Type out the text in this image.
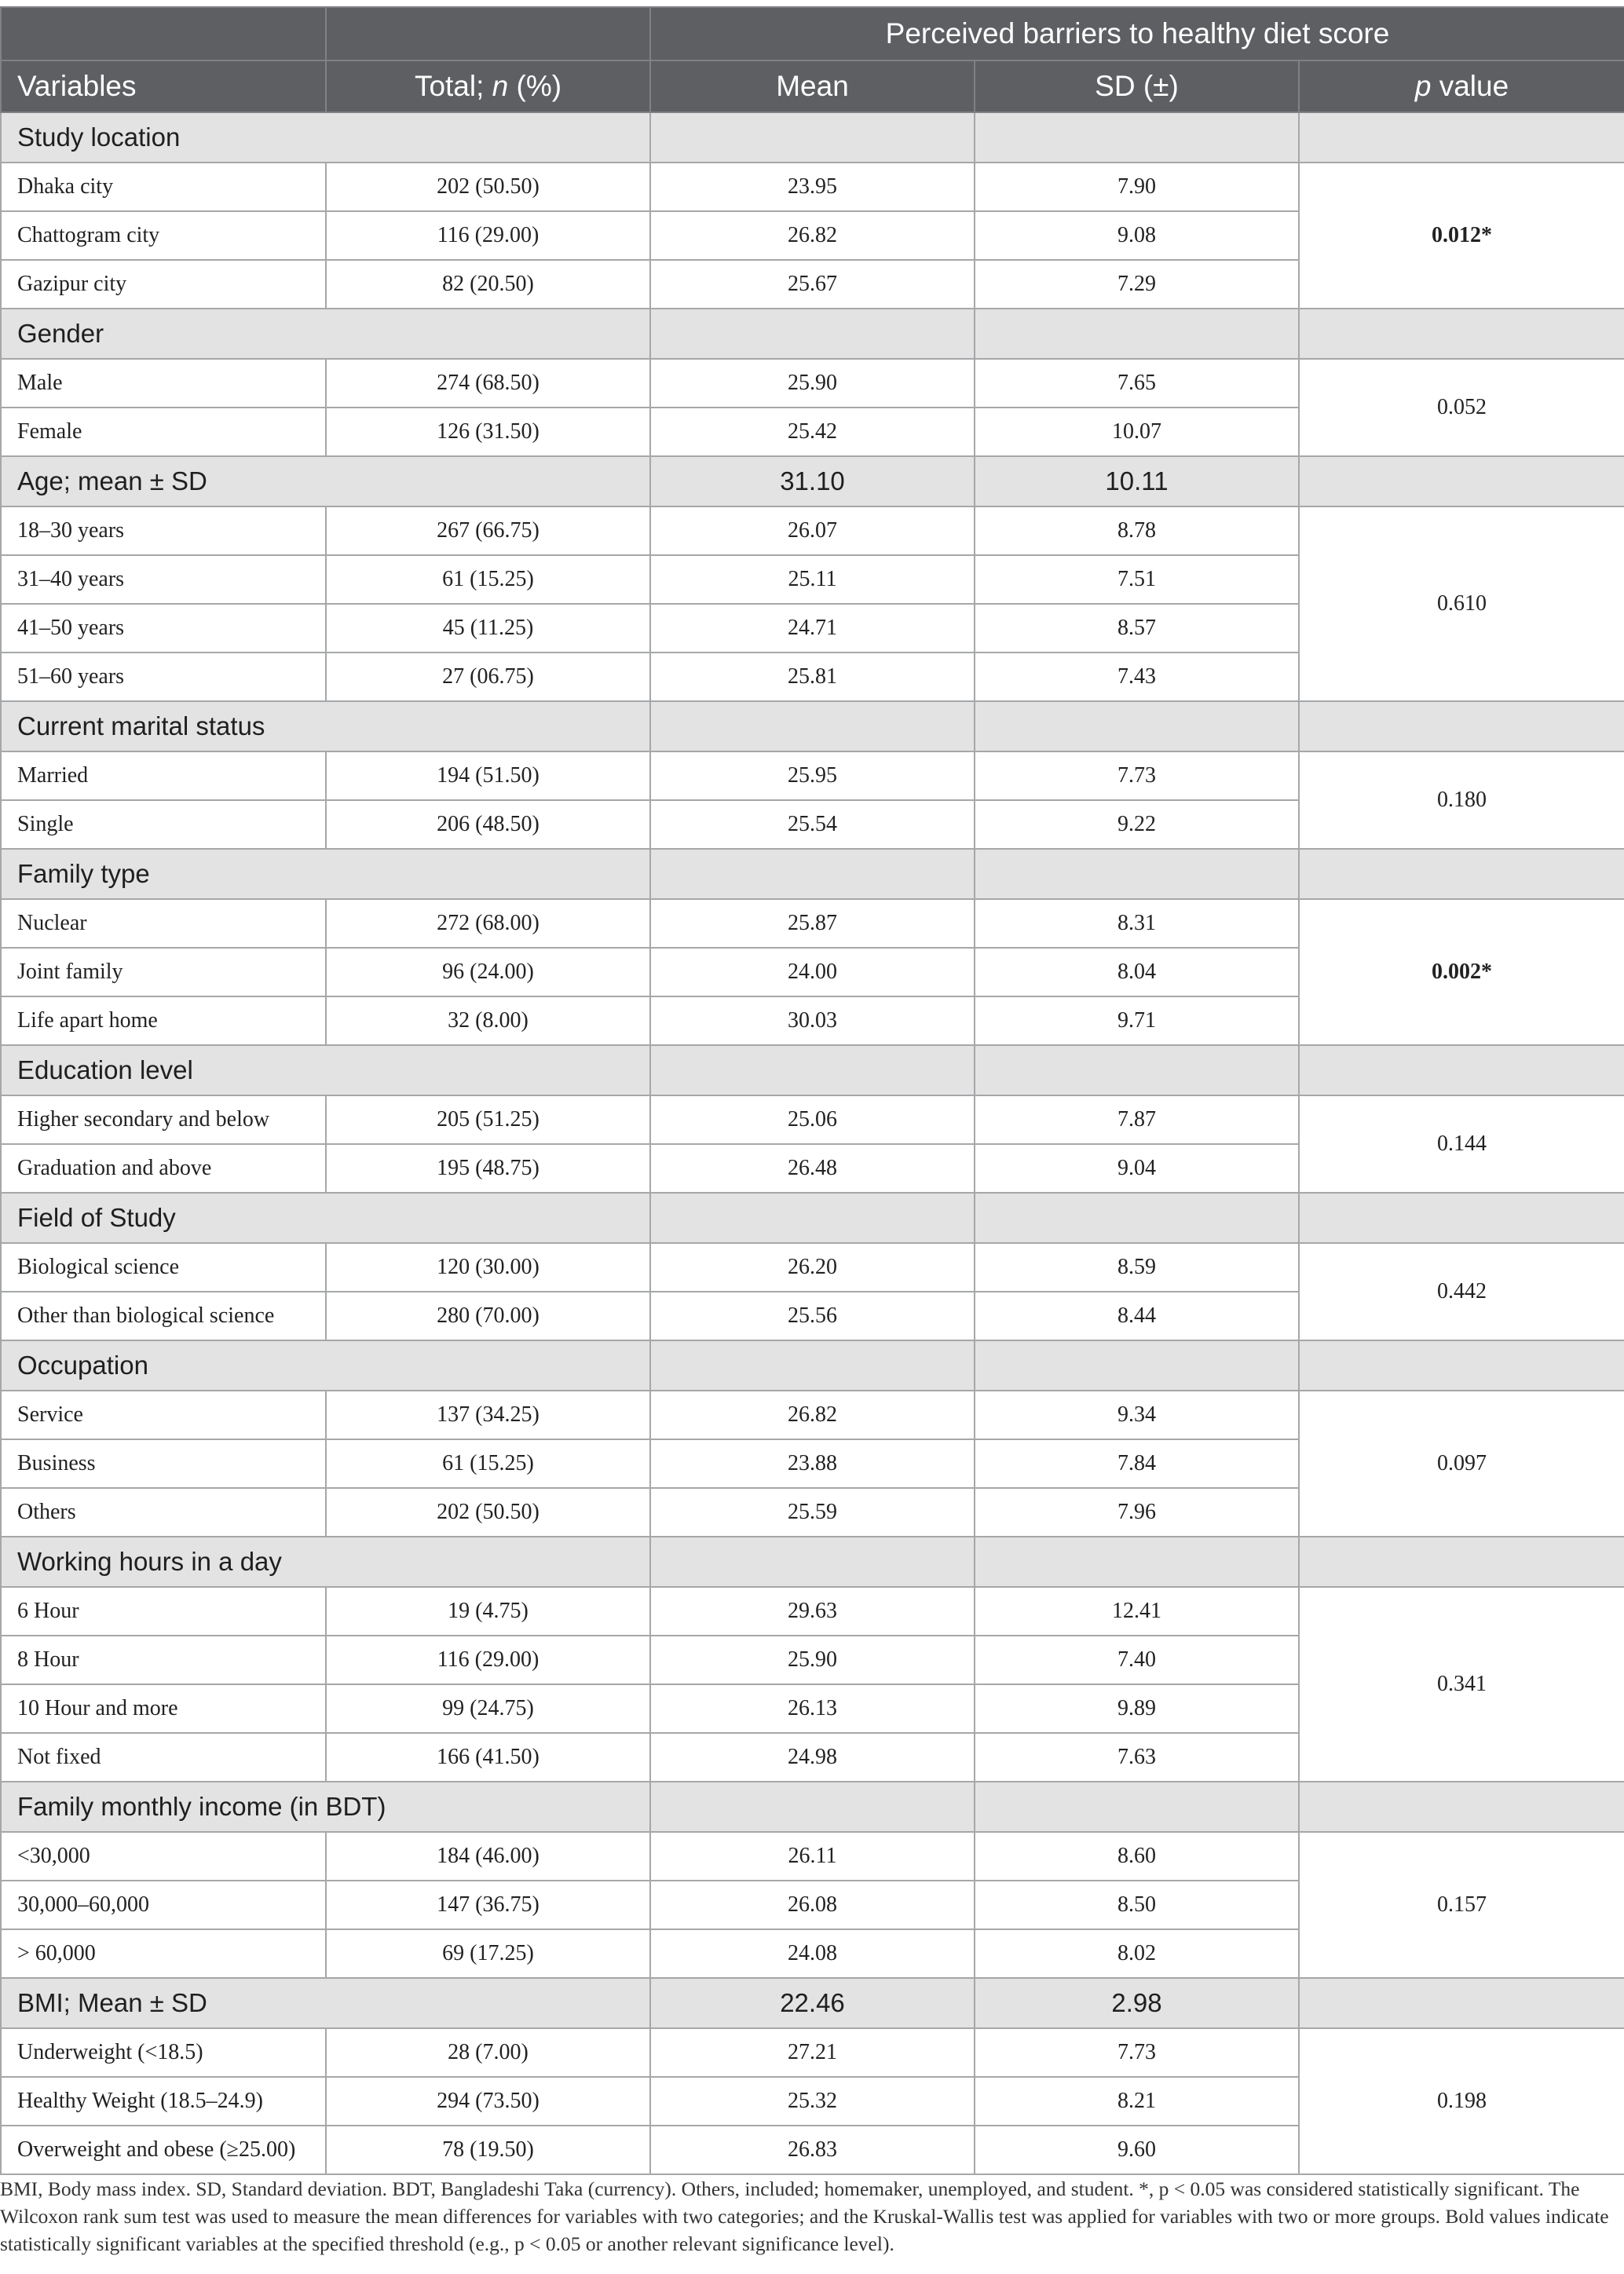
		Perceived barriers to healthy diet score		
Variables	Total; n (%)	Mean	SD (±)	p value
Study location				
Dhaka city	202 (50.50)	23.95	7.90	0.012*
Chattogram city	116 (29.00)	26.82	9.08	
Gazipur city	82 (20.50)	25.67	7.29	
Gender				
Male	274 (68.50)	25.90	7.65	0.052
Female	126 (31.50)	25.42	10.07	
Age; mean ± SD		31.10	10.11	
18–30 years	267 (66.75)	26.07	8.78	0.610
31–40 years	61 (15.25)	25.11	7.51	
41–50 years	45 (11.25)	24.71	8.57	
51–60 years	27 (06.75)	25.81	7.43	
Current marital status				
Married	194 (51.50)	25.95	7.73	0.180
Single	206 (48.50)	25.54	9.22	
Family type				
Nuclear	272 (68.00)	25.87	8.31	0.002*
Joint family	96 (24.00)	24.00	8.04	
Life apart home	32 (8.00)	30.03	9.71	
Education level				
Higher secondary and below	205 (51.25)	25.06	7.87	0.144
Graduation and above	195 (48.75)	26.48	9.04	
Field of Study				
Biological science	120 (30.00)	26.20	8.59	0.442
Other than biological science	280 (70.00)	25.56	8.44	
Occupation				
Service	137 (34.25)	26.82	9.34	0.097
Business	61 (15.25)	23.88	7.84	
Others	202 (50.50)	25.59	7.96	
Working hours in a day				
6 Hour	19 (4.75)	29.63	12.41	0.341
8 Hour	116 (29.00)	25.90	7.40	
10 Hour and more	99 (24.75)	26.13	9.89	
Not fixed	166 (41.50)	24.98	7.63	
Family monthly income (in BDT)				
<30,000	184 (46.00)	26.11	8.60	0.157
30,000–60,000	147 (36.75)	26.08	8.50	
> 60,000	69 (17.25)	24.08	8.02	
BMI; Mean ± SD		22.46	2.98	
Underweight (<18.5)	28 (7.00)	27.21	7.73	0.198
Healthy Weight (18.5–24.9)	294 (73.50)	25.32	8.21	
Overweight and obese (≥25.00)	78 (19.50)	26.83	9.60	
BMI, Body mass index. SD, Standard deviation. BDT, Bangladeshi Taka (currency). Others, included; homemaker, unemployed, and student. *, p < 0.05 was considered statistically significant. The Wilcoxon rank sum test was used to measure the mean differences for variables with two categories; and the Kruskal-Wallis test was applied for variables with two or more groups. Bold values indicate statistically significant variables at the specified threshold (e.g., p < 0.05 or another relevant significance level).
